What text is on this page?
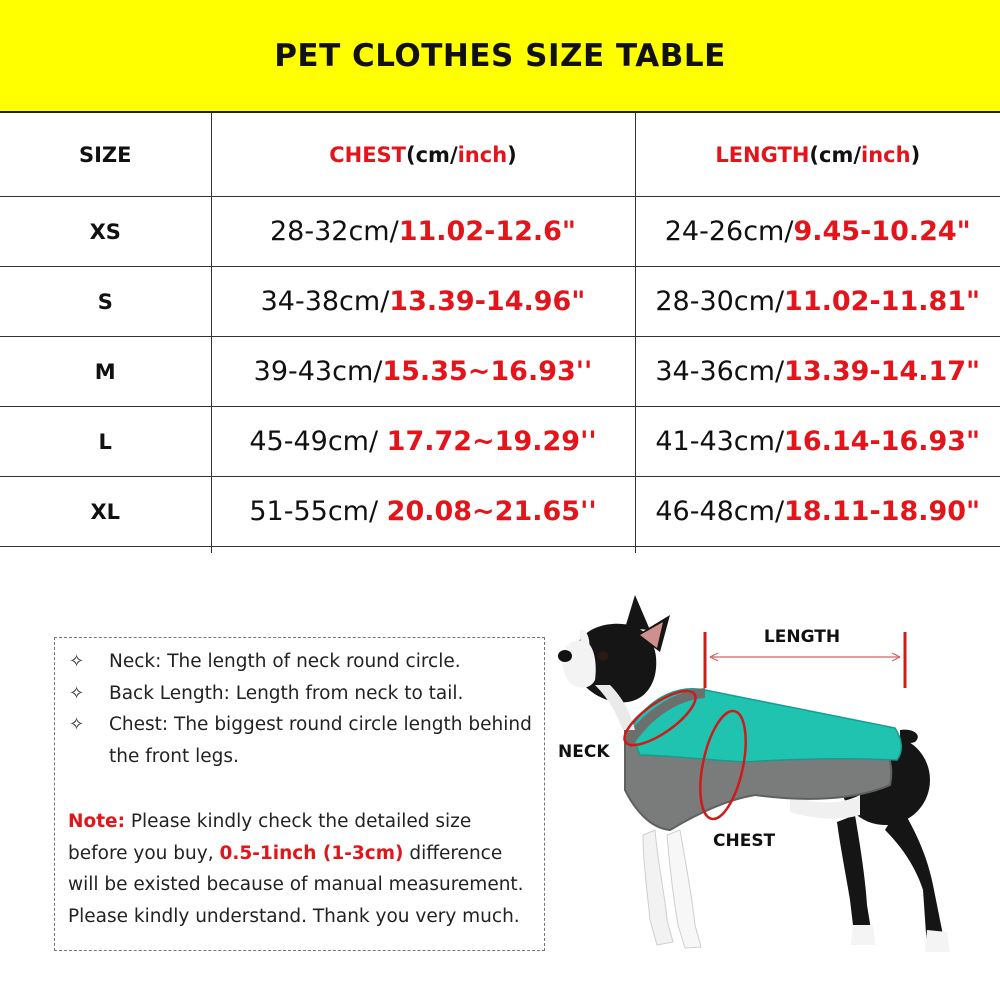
PET CLOTHES SIZE TABLE
SIZE	CHEST(cm/inch)	LENGTH(cm/inch)
XS	28-32cm/11.02-12.6"	24-26cm/9.45-10.24"
S	34-38cm/13.39-14.96"	28-30cm/11.02-11.81"
M	39-43cm/15.35~16.93''	34-36cm/13.39-14.17"
L	45-49cm/ 17.72~19.29''	41-43cm/16.14-16.93"
XL	51-55cm/ 20.08~21.65''	46-48cm/18.11-18.90"

✧ Neck: The length of neck round circle.
✧ Back Length: Length from neck to tail.
✧ Chest: The biggest round circle length behind the front legs.
Note: Please kindly check the detailed size before you buy, 0.5-1inch (1-3cm) difference will be existed because of manual measurement. Please kindly understand. Thank you very much.
LENGTH
NECK
CHEST
